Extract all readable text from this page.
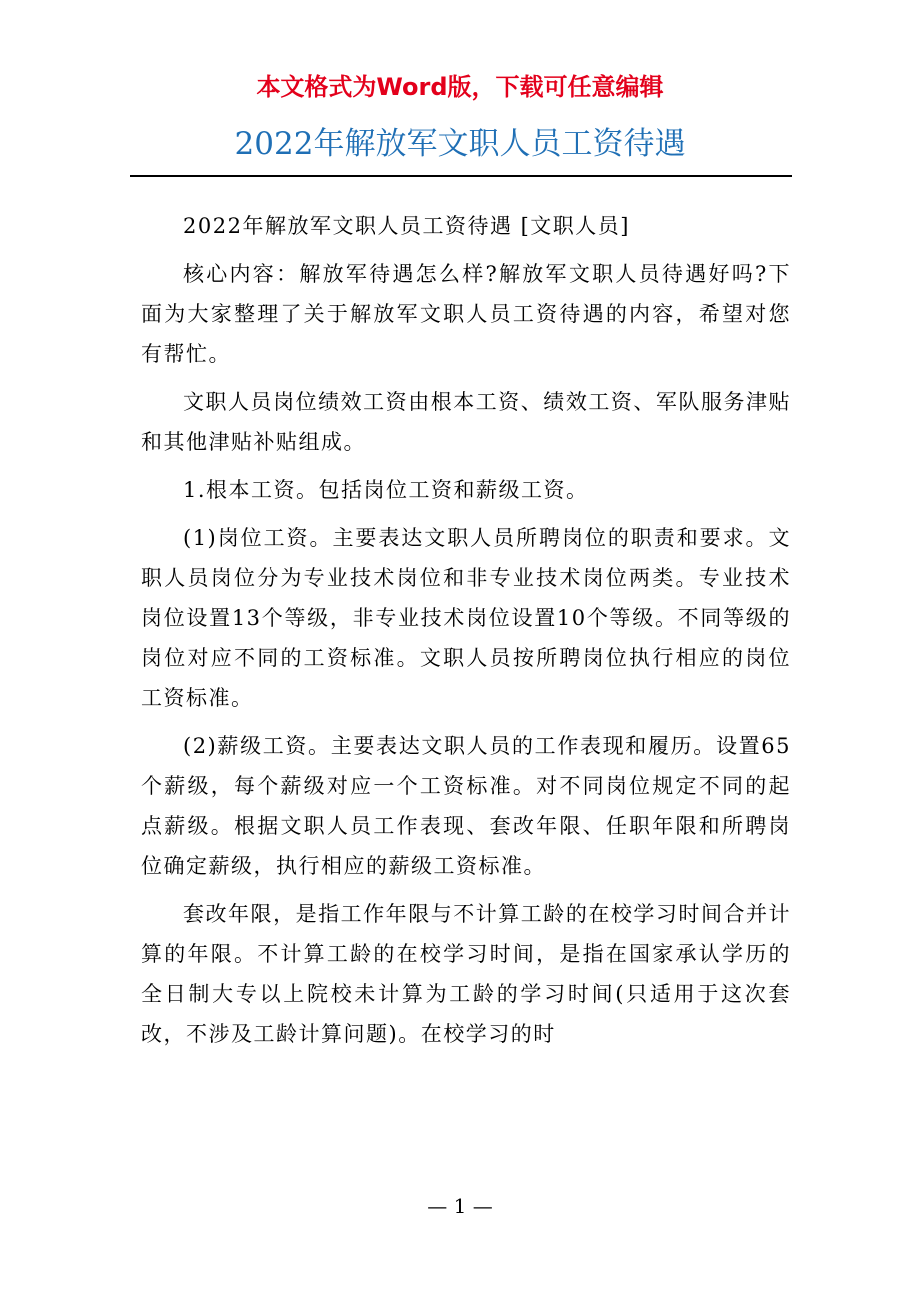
本文格式为Word版，下载可任意编辑
2022年解放军文职人员工资待遇

2022年解放军文职人员工资待遇 [文职人员]

核心内容：解放军待遇怎么样?解放军文职人员待遇好吗?下面为大家整理了关于解放军文职人员工资待遇的内容，希望对您有帮忙。

文职人员岗位绩效工资由根本工资、绩效工资、军队服务津贴和其他津贴补贴组成。

1.根本工资。包括岗位工资和薪级工资。

(1)岗位工资。主要表达文职人员所聘岗位的职责和要求。文职人员岗位分为专业技术岗位和非专业技术岗位两类。专业技术岗位设置13个等级，非专业技术岗位设置10个等级。不同等级的岗位对应不同的工资标准。文职人员按所聘岗位执行相应的岗位工资标准。

(2)薪级工资。主要表达文职人员的工作表现和履历。设置65个薪级，每个薪级对应一个工资标准。对不同岗位规定不同的起点薪级。根据文职人员工作表现、套改年限、任职年限和所聘岗位确定薪级，执行相应的薪级工资标准。

套改年限，是指工作年限与不计算工龄的在校学习时间合并计算的年限。不计算工龄的在校学习时间，是指在国家承认学历的全日制大专以上院校未计算为工龄的学习时间(只适用于这次套改，不涉及工龄计算问题)。在校学习的时

— 1 —
